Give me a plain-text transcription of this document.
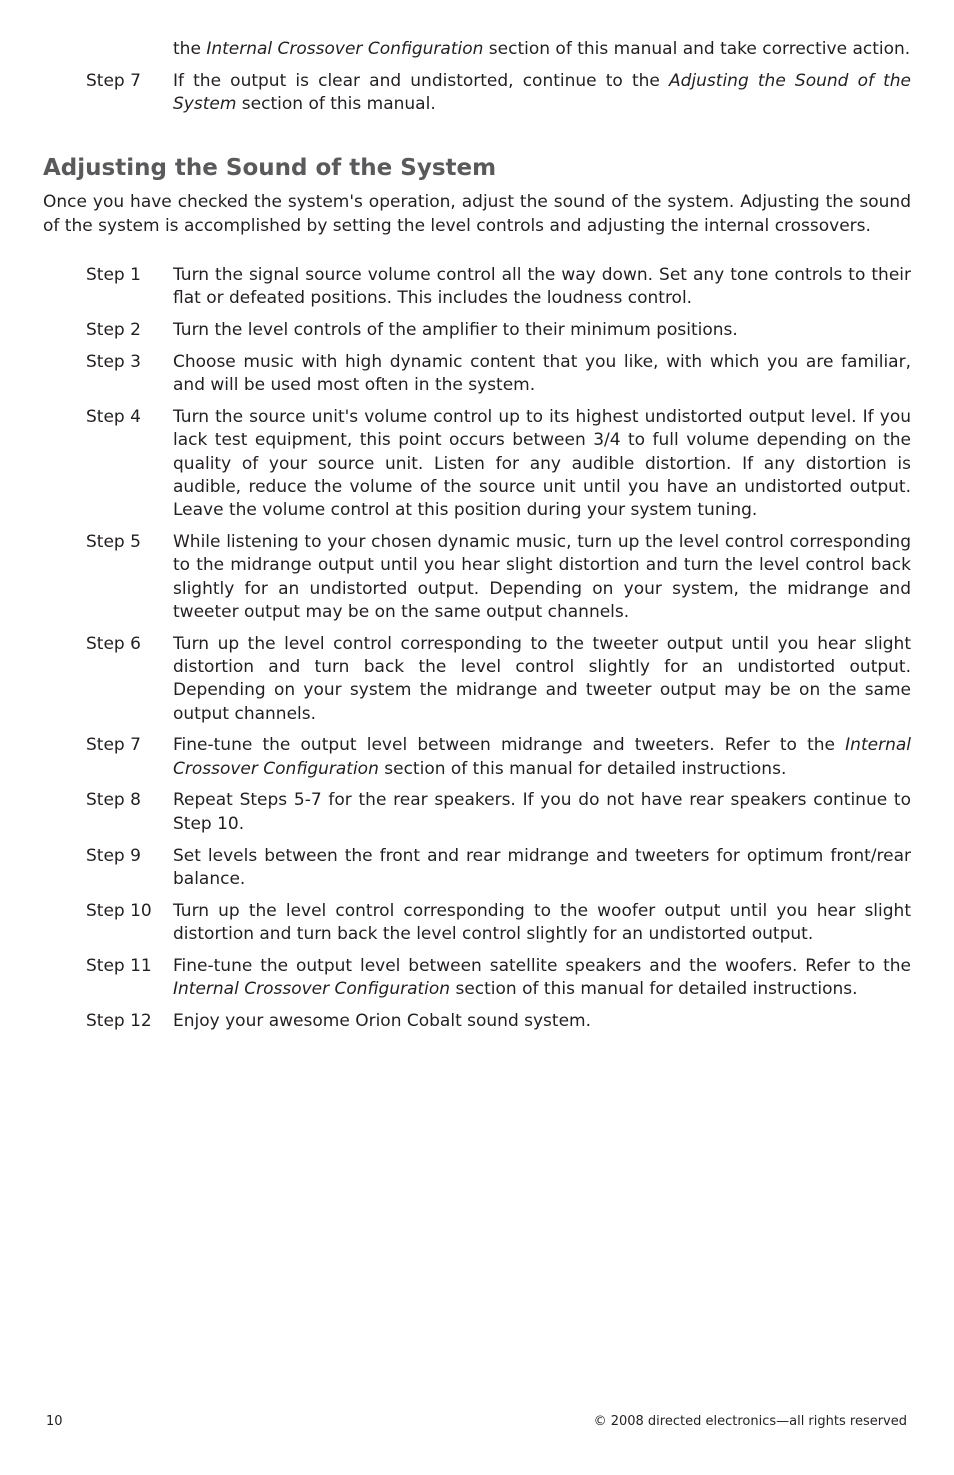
the Internal Crossover Configuration section of this manual and take corrective action.

Step 7	If the output is clear and undistorted, continue to the Adjusting the Sound of the System section of this manual.
Adjusting the Sound of the System

Once you have checked the system's operation, adjust the sound of the system. Adjusting the sound of the system is accomplished by setting the level controls and adjusting the internal crossovers.

Step 1	Turn the signal source volume control all the way down. Set any tone controls to their flat or defeated positions. This includes the loudness control.
Step 2	Turn the level controls of the amplifier to their minimum positions.
Step 3	Choose music with high dynamic content that you like, with which you are familiar, and will be used most often in the system.
Step 4	Turn the source unit's volume control up to its highest undistorted output level. If you lack test equipment, this point occurs between 3/4 to full volume depending on the quality of your source unit. Listen for any audible distortion. If any distortion is audible, reduce the volume of the source unit until you have an undistorted output. Leave the volume control at this position during your system tuning.
Step 5	While listening to your chosen dynamic music, turn up the level control corresponding to the midrange output until you hear slight distortion and turn the level control back slightly for an undistorted output. Depending on your system, the midrange and tweeter output may be on the same output channels.
Step 6	Turn up the level control corresponding to the tweeter output until you hear slight distortion and turn back the level control slightly for an undistorted output. Depending on your system the midrange and tweeter output may be on the same output channels.
Step 7	Fine-tune the output level between midrange and tweeters. Refer to the Internal Crossover Configuration section of this manual for detailed instructions.
Step 8	Repeat Steps 5-7 for the rear speakers. If you do not have rear speakers continue to Step 10.
Step 9	Set levels between the front and rear midrange and tweeters for optimum front/rear balance.
Step 10	Turn up the level control corresponding to the woofer output until you hear slight distortion and turn back the level control slightly for an undistorted output.
Step 11	Fine-tune the output level between satellite speakers and the woofers. Refer to the Internal Crossover Configuration section of this manual for detailed instructions.
Step 12	Enjoy your awesome Orion Cobalt sound system.
10	© 2008 directed electronics—all rights reserved
